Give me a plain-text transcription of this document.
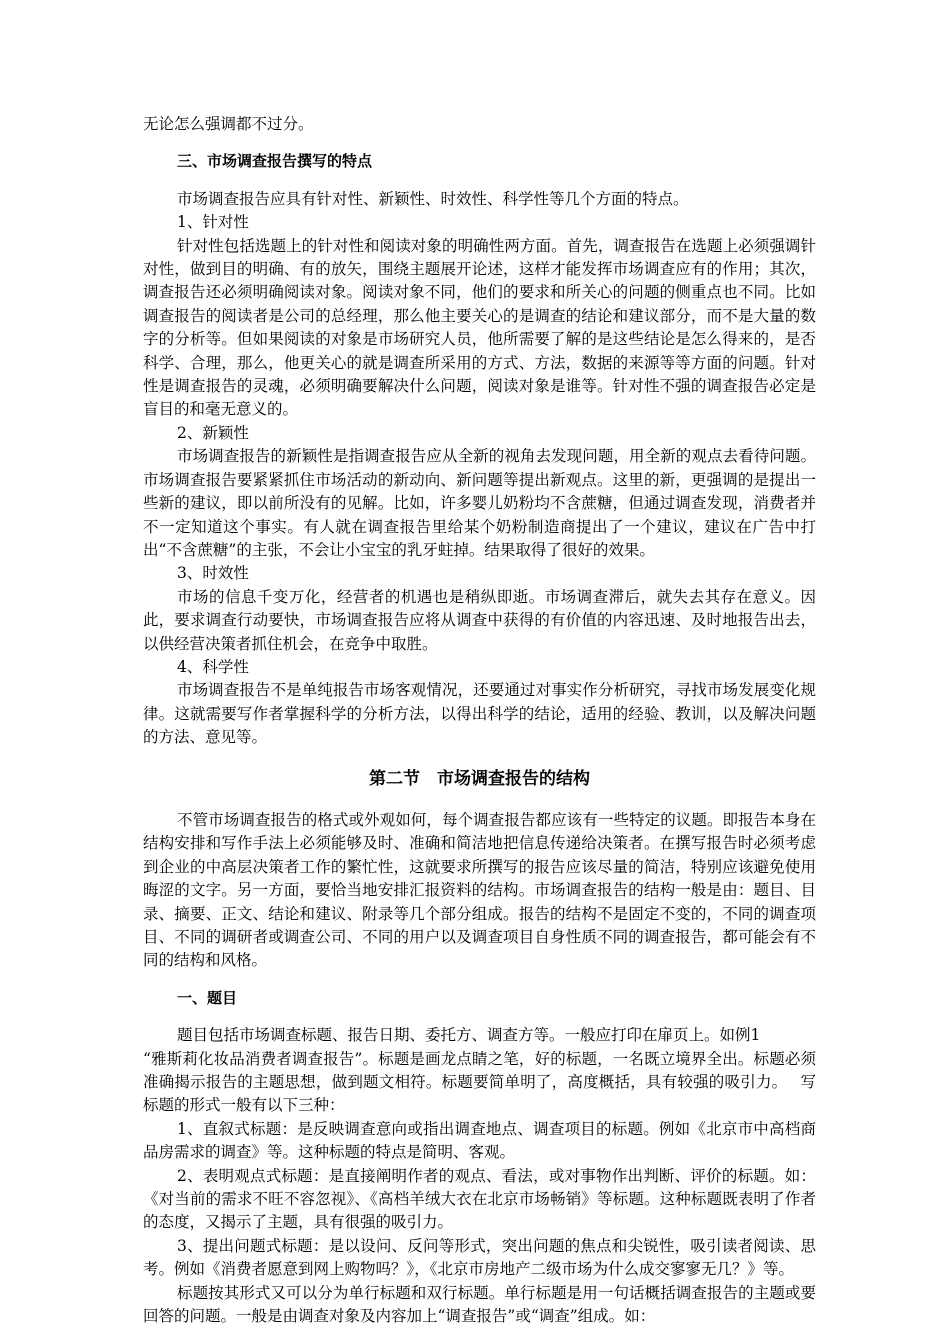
无论怎么强调都不过分。

三、市场调查报告撰写的特点

市场调查报告应具有针对性、新颖性、时效性、科学性等几个方面的特点。

1、针对性

针对性包括选题上的针对性和阅读对象的明确性两方面。首先，调查报告在选题上必须强调针对性，做到目的明确、有的放矢，围绕主题展开论述，这样才能发挥市场调查应有的作用；其次，调查报告还必须明确阅读对象。阅读对象不同，他们的要求和所关心的问题的侧重点也不同。比如调查报告的阅读者是公司的总经理，那么他主要关心的是调查的结论和建议部分，而不是大量的数字的分析等。但如果阅读的对象是市场研究人员，他所需要了解的是这些结论是怎么得来的，是否科学、合理，那么，他更关心的就是调查所采用的方式、方法，数据的来源等等方面的问题。针对性是调查报告的灵魂，必须明确要解决什么问题，阅读对象是谁等。针对性不强的调查报告必定是盲目的和毫无意义的。

2、新颖性

市场调查报告的新颖性是指调查报告应从全新的视角去发现问题，用全新的观点去看待问题。市场调查报告要紧紧抓住市场活动的新动向、新问题等提出新观点。这里的新，更强调的是提出一些新的建议，即以前所没有的见解。比如，许多婴儿奶粉均不含蔗糖，但通过调查发现，消费者并不一定知道这个事实。有人就在调查报告里给某个奶粉制造商提出了一个建议，建议在广告中打出“不含蔗糖”的主张，不会让小宝宝的乳牙蛀掉。结果取得了很好的效果。

3、时效性

市场的信息千变万化，经营者的机遇也是稍纵即逝。市场调查滞后，就失去其存在意义。因此，要求调查行动要快，市场调查报告应将从调查中获得的有价值的内容迅速、及时地报告出去，以供经营决策者抓住机会，在竞争中取胜。

4、科学性

市场调查报告不是单纯报告市场客观情况，还要通过对事实作分析研究，寻找市场发展变化规律。这就需要写作者掌握科学的分析方法，以得出科学的结论，适用的经验、教训，以及解决问题的方法、意见等。

第二节　市场调查报告的结构

不管市场调查报告的格式或外观如何，每个调查报告都应该有一些特定的议题。即报告本身在结构安排和写作手法上必须能够及时、准确和简洁地把信息传递给决策者。在撰写报告时必须考虑到企业的中高层决策者工作的繁忙性，这就要求所撰写的报告应该尽量的简洁，特别应该避免使用晦涩的文字。另一方面，要恰当地安排汇报资料的结构。市场调查报告的结构一般是由：题目、目录、摘要、正文、结论和建议、附录等几个部分组成。报告的结构不是固定不变的，不同的调查项目、不同的调研者或调查公司、不同的用户以及调查项目自身性质不同的调查报告，都可能会有不同的结构和风格。

一、题目

题目包括市场调查标题、报告日期、委托方、调查方等。一般应打印在扉页上。如例1

“雅斯莉化妆品消费者调查报告”。标题是画龙点睛之笔，好的标题，一名既立境界全出。标题必须准确揭示报告的主题思想，做到题文相符。标题要简单明了，高度概括，具有较强的吸引力。　 写标题的形式一般有以下三种：

1、直叙式标题：是反映调查意向或指出调查地点、调查项目的标题。例如《北京市中高档商品房需求的调查》等。这种标题的特点是简明、客观。

2、表明观点式标题：是直接阐明作者的观点、看法，或对事物作出判断、评价的标题。如：《对当前的需求不旺不容忽视》、《高档羊绒大衣在北京市场畅销》等标题。这种标题既表明了作者的态度，又揭示了主题，具有很强的吸引力。

3、提出问题式标题：是以设问、反问等形式，突出问题的焦点和尖锐性，吸引读者阅读、思考。例如《消费者愿意到网上购物吗？》，《北京市房地产二级市场为什么成交寥寥无几？》等。

标题按其形式又可以分为单行标题和双行标题。单行标题是用一句话概括调查报告的主题或要回答的问题。一般是由调查对象及内容加上“调查报告”或“调查”组成。如：
